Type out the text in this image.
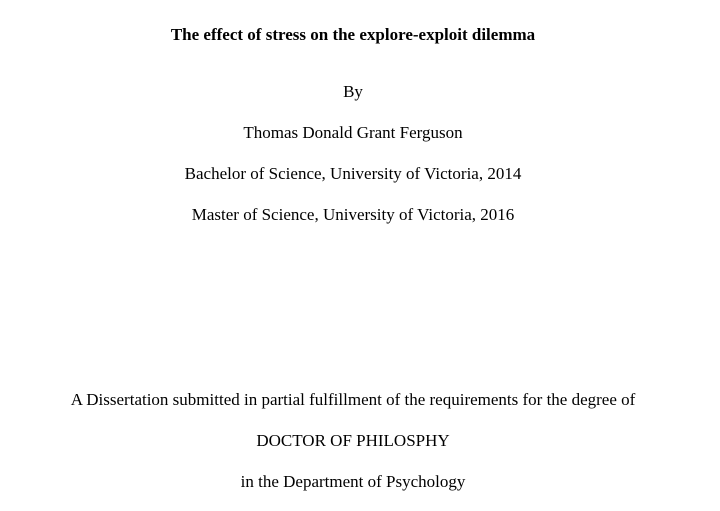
The effect of stress on the explore-exploit dilemma
By
Thomas Donald Grant Ferguson
Bachelor of Science, University of Victoria, 2014
Master of Science, University of Victoria, 2016
A Dissertation submitted in partial fulfillment of the requirements for the degree of
DOCTOR OF PHILOSPHY
in the Department of Psychology
